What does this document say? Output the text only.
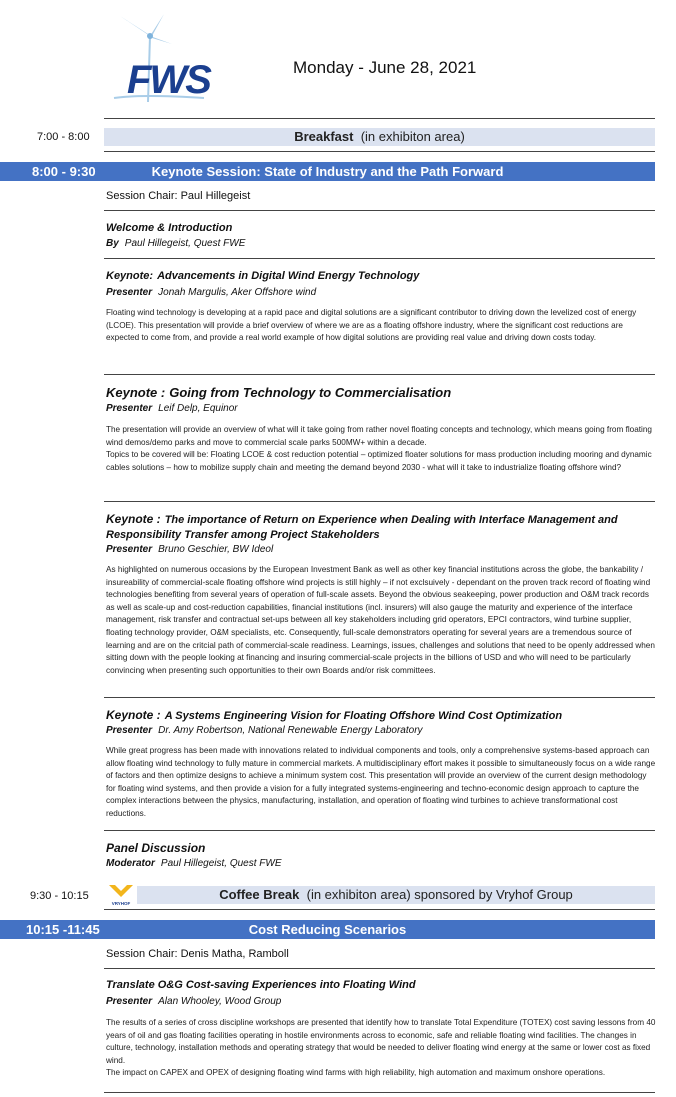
FWS	Monday - June 28, 2021
7:00 - 8:00	Breakfast (in exhibiton area)
Keynote Session: State of Industry and the Path Forward
8:00 - 9:30
Session Chair: Paul Hillegeist
Welcome & Introduction
By Paul Hillegeist, Quest FWE
Keynote: Advancements in Digital Wind Energy Technology
Presenter Jonah Margulis, Aker Offshore wind
Floating wind technology is developing at a rapid pace and digital solutions are a significant contributor to driving down the levelized cost of energy (LCOE). This presentation will provide a brief overview of where we are as a floating offshore industry, where the significant cost reductions are expected to come from, and provide a real world example of how digital solutions are providing real value and driving down costs today.
Keynote : Going from Technology to Commercialisation
Presenter Leif Delp, Equinor
The presentation will provide an overview of what will it take going from rather novel floating concepts and technology, which means going from floating wind demos/demo parks and move to commercial scale parks 500MW+ within a decade.
Topics to be covered will be: Floating LCOE & cost reduction potential – optimized floater solutions for mass production including mooring and dynamic cables solutions – how to mobilize supply chain and meeting the demand beyond 2030 - what will it take to industrialize floating offshore wind?
Keynote : The importance of Return on Experience when Dealing with Interface Management and Responsibility Transfer among Project Stakeholders
Presenter Bruno Geschier, BW Ideol
As highlighted on numerous occasions by the European Investment Bank as well as other key financial institutions across the globe, the bankability / insureability of commercial-scale floating offshore wind projects is still highly – if not exclsuively - dependant on the proven track record of floating wind technologies benefiting from several years of operation of full-scale assets. Beyond the obvious seakeeping, power production and O&M track records as well as scale-up and cost-reduction capabilities, financial institutions (incl. insurers) will also gauge the maturity and experience of the interface management, risk transfer and contractual set-ups between all key stakeholders including grid operators, EPCI contractors, wind turbine supplier, floating technology provider, O&M specialists, etc. Consequently, full-scale demonstrators operating for several years are a tremendous source of learning and are on the critcial path of commercial-scale readiness. Learnings, issues, challenges and solutions that need to be openly addressed when sitting down with the people looking at financing and insuring commercial-scale projects in the billions of USD and who will need to be particularly convincing when presenting such opportunities to their own Boards and/or risk committees.
Keynote : A Systems Engineering Vision for Floating Offshore Wind Cost Optimization
Presenter Dr. Amy Robertson, National Renewable Energy Laboratory
While great progress has been made with innovations related to individual components and tools, only a comprehensive systems-based approach can allow floating wind technology to fully mature in commercial markets. A multidisciplinary effort makes it possible to simultaneously focus on a wide range of factors and then optimize designs to achieve a minimum system cost. This presentation will provide an overview of the current design methodology for floating wind systems, and then provide a vision for a fully integrated systems-engineering and techno-economic design approach to capture the complex interactions between the physics, manufacturing, installation, and operation of floating wind turbines to achieve transformational cost reductions.
Panel Discussion
Moderator Paul Hillegeist, Quest FWE
9:30 - 10:15
VRYHOF
Coffee Break (in exhibiton area) sponsored by Vryhof Group
Cost Reducing Scenarios
10:15 -11:45
Session Chair: Denis Matha, Ramboll
Translate O&G Cost-saving Experiences into Floating Wind
Presenter Alan Whooley, Wood Group
The results of a series of cross discipline workshops are presented that identify how to translate Total Expenditure (TOTEX) cost saving lessons from 40 years of oil and gas floating facilities operating in hostile environments across to economic, safe and reliable floating wind facilities. The changes in culture, technology, installation methods and operating strategy that would be needed to deliver floating wind energy at the same or lower cost as fixed wind.
The impact on CAPEX and OPEX of designing floating wind farms with high reliability, high automation and maximum onshore operations.
